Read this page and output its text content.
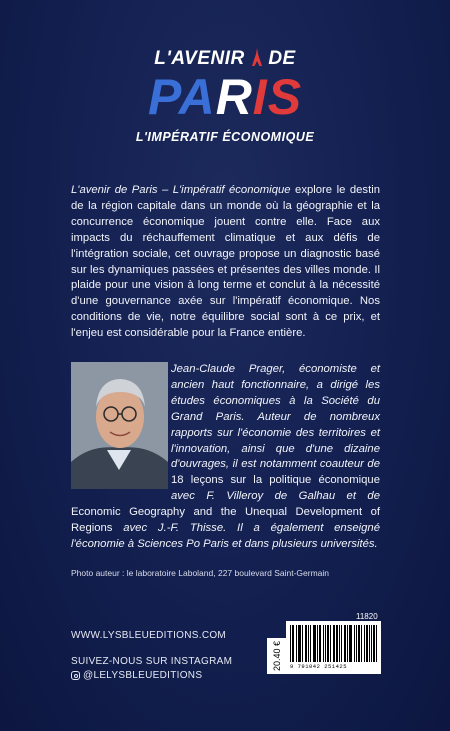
L'AVENIR DE
PARIS
L'IMPÉRATIF ÉCONOMIQUE
L'avenir de Paris – L'impératif économique explore le destin de la région capitale dans un monde où la géographie et la concurrence économique jouent contre elle. Face aux impacts du réchauffement climatique et aux défis de l'intégration sociale, cet ouvrage propose un diagnostic basé sur les dynamiques passées et présentes des villes monde. Il plaide pour une vision à long terme et conclut à la nécessité d'une gouvernance axée sur l'impératif économique. Nos conditions de vie, notre équilibre social sont à ce prix, et l'enjeu est considérable pour la France entière.
Jean-Claude Prager, économiste et ancien haut fonctionnaire, a dirigé les études économiques à la Société du Grand Paris. Auteur de nombreux rapports sur l'économie des territoires et l'innovation, ainsi que d'une dizaine d'ouvrages, il est notamment coauteur de 18 leçons sur la politique économique avec F. Villeroy de Galhau et de Economic Geography and the Unequal Development of Regions avec J.-F. Thisse. Il a également enseigné l'économie à Sciences Po Paris et dans plusieurs universités.
Photo auteur : le laboratoire Laboland, 227 boulevard Saint-Germain
WWW.LYSBLEUEDITIONS.COM
SUIVEZ-NOUS SUR INSTAGRAM
@LELYSBLEUEDITIONS
11820
20.40 € 9 791042 251425
